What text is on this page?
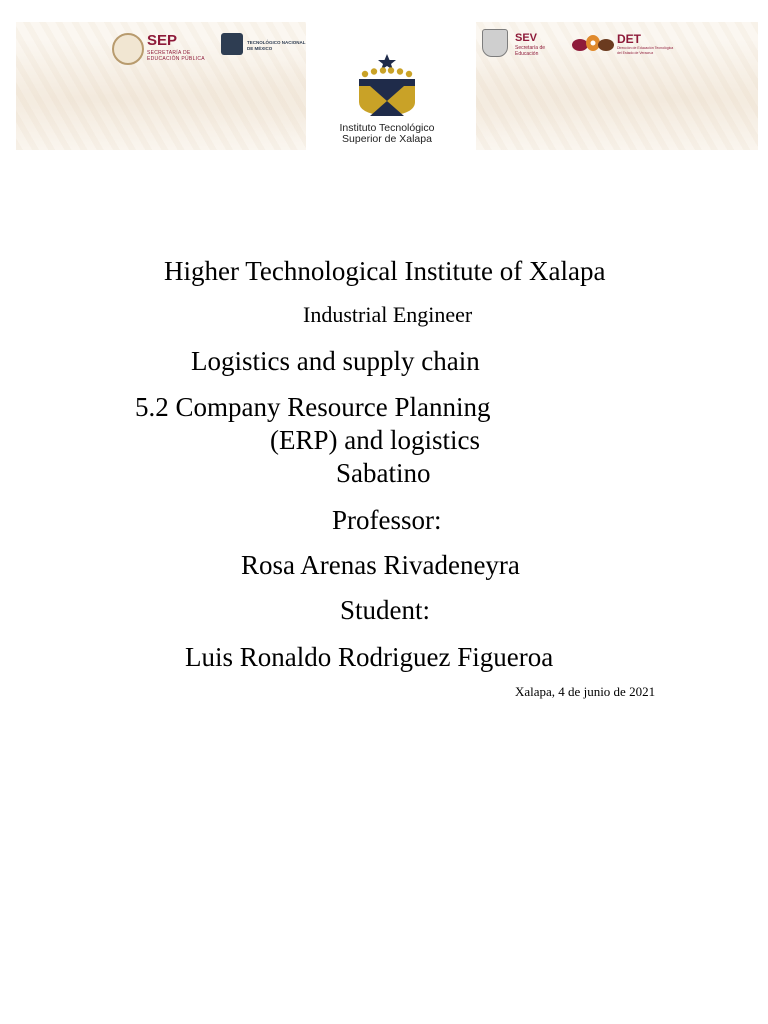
SEP
SECRETARÍA DE EDUCACIÓN PÚBLICA
TECNOLÓGICO NACIONAL DE MÉXICO
Instituto Tecnológico
Superior de Xalapa
SEV
Secretaría de Educación
DET
Dirección de Educación Tecnológica del Estado de Veracruz
Higher Technological Institute of Xalapa
Industrial Engineer
Logistics and supply chain
5.2 Company Resource Planning
(ERP) and logistics
Sabatino
Professor:
Rosa Arenas Rivadeneyra
Student:
Luis Ronaldo Rodriguez Figueroa
Xalapa, 4 de junio de 2021
